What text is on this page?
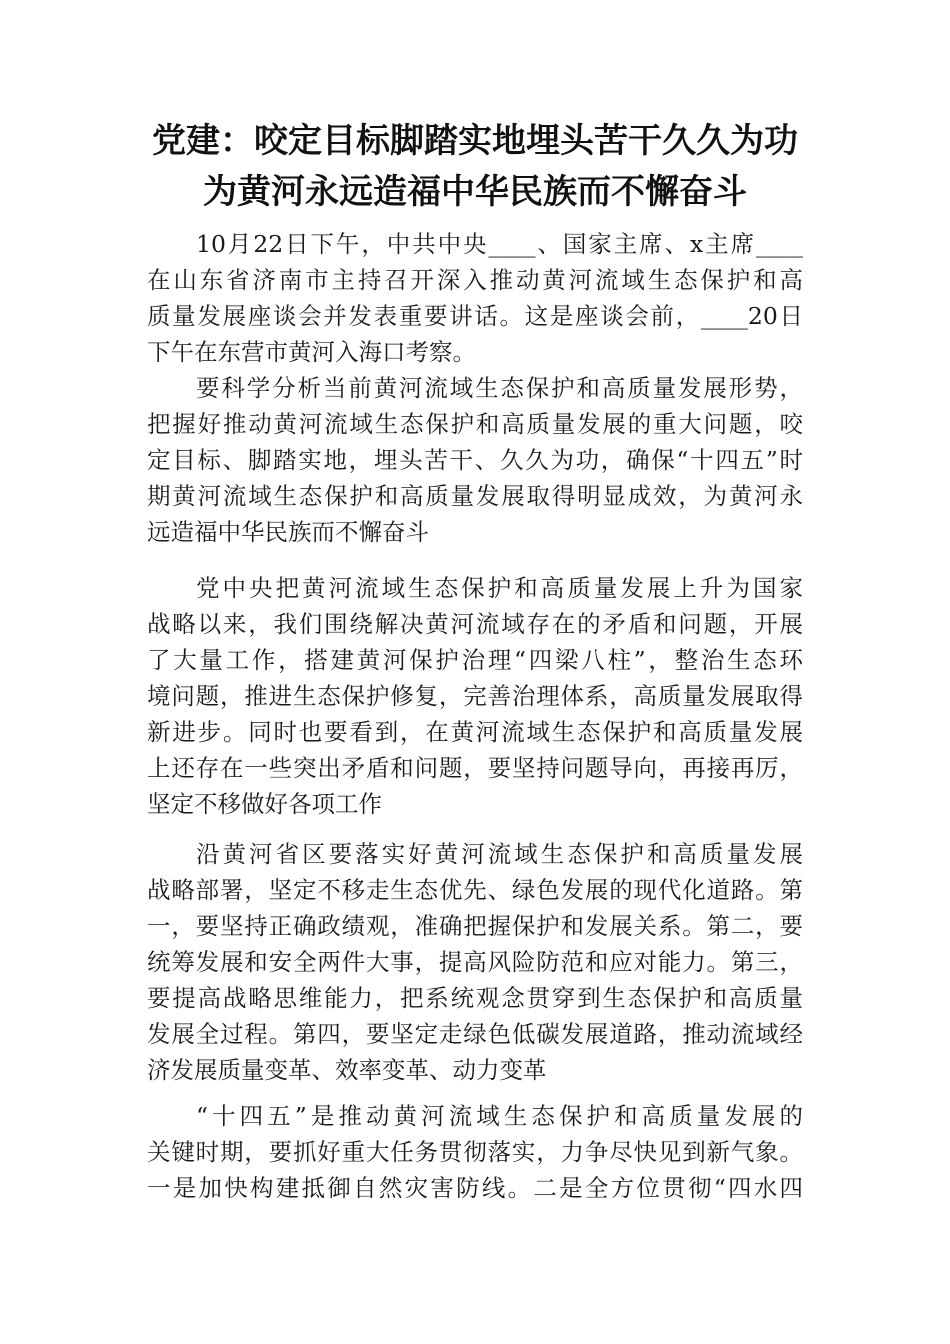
党建：咬定目标脚踏实地埋头苦干久久为功
为黄河永远造福中华民族而不懈奋斗
10月22日下午，中共中央____、国家主席、x主席____
在山东省济南市主持召开深入推动黄河流域生态保护和高
质量发展座谈会并发表重要讲话。这是座谈会前，____20日
下午在东营市黄河入海口考察。
要科学分析当前黄河流域生态保护和高质量发展形势，
把握好推动黄河流域生态保护和高质量发展的重大问题，咬
定目标、脚踏实地，埋头苦干、久久为功，确保“十四五”时
期黄河流域生态保护和高质量发展取得明显成效，为黄河永
远造福中华民族而不懈奋斗
党中央把黄河流域生态保护和高质量发展上升为国家
战略以来，我们围绕解决黄河流域存在的矛盾和问题，开展
了大量工作，搭建黄河保护治理“四梁八柱”，整治生态环
境问题，推进生态保护修复，完善治理体系，高质量发展取得
新进步。同时也要看到，在黄河流域生态保护和高质量发展
上还存在一些突出矛盾和问题，要坚持问题导向，再接再厉，
坚定不移做好各项工作
沿黄河省区要落实好黄河流域生态保护和高质量发展
战略部署，坚定不移走生态优先、绿色发展的现代化道路。第
一，要坚持正确政绩观，准确把握保护和发展关系。第二，要
统筹发展和安全两件大事，提高风险防范和应对能力。第三，
要提高战略思维能力，把系统观念贯穿到生态保护和高质量
发展全过程。第四，要坚定走绿色低碳发展道路，推动流域经
济发展质量变革、效率变革、动力变革
“十四五”是推动黄河流域生态保护和高质量发展的
关键时期，要抓好重大任务贯彻落实，力争尽快见到新气象。
一是加快构建抵御自然灾害防线。二是全方位贯彻“四水四
